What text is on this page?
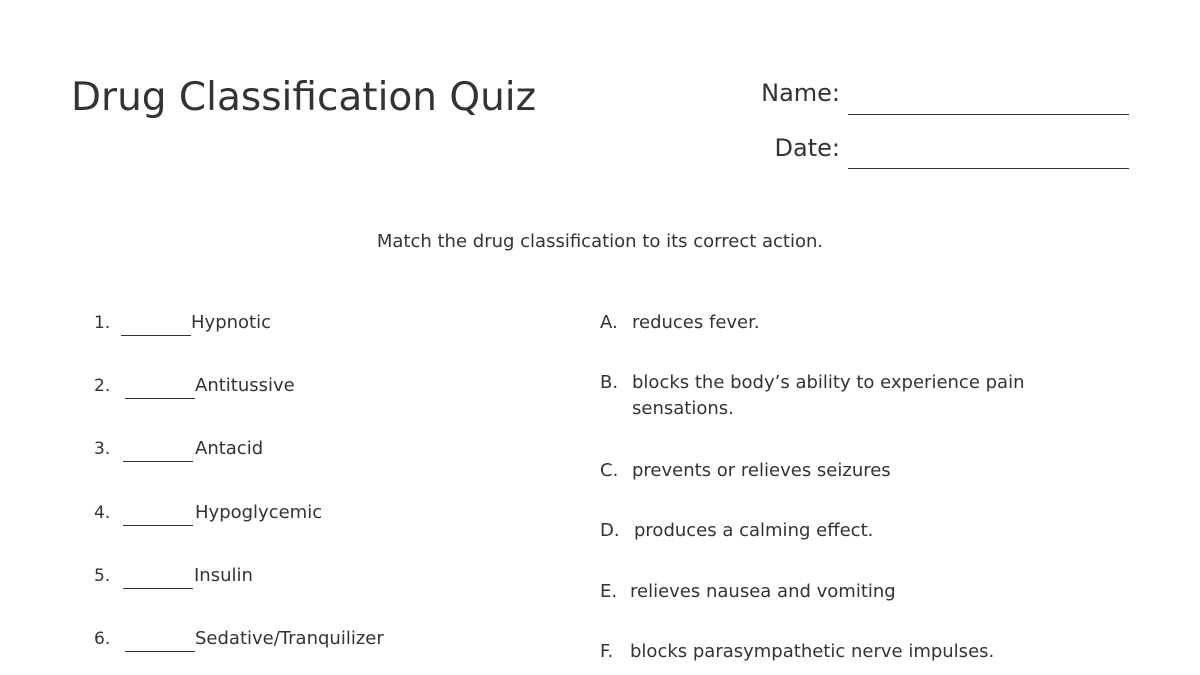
Drug Classification Quiz	Name:
Date:
Match the drug classification to its correct action.
1.	Hypnotic
2.	Antitussive
3.	Antacid
4.	Hypoglycemic
5.	Insulin
6.	Sedative/Tranquilizer
A. reduces fever.
B. blocks the body’s ability to experience pain sensations.
C. prevents or relieves seizures
D. produces a calming effect.
E. relieves nausea and vomiting
F. blocks parasympathetic nerve impulses.
